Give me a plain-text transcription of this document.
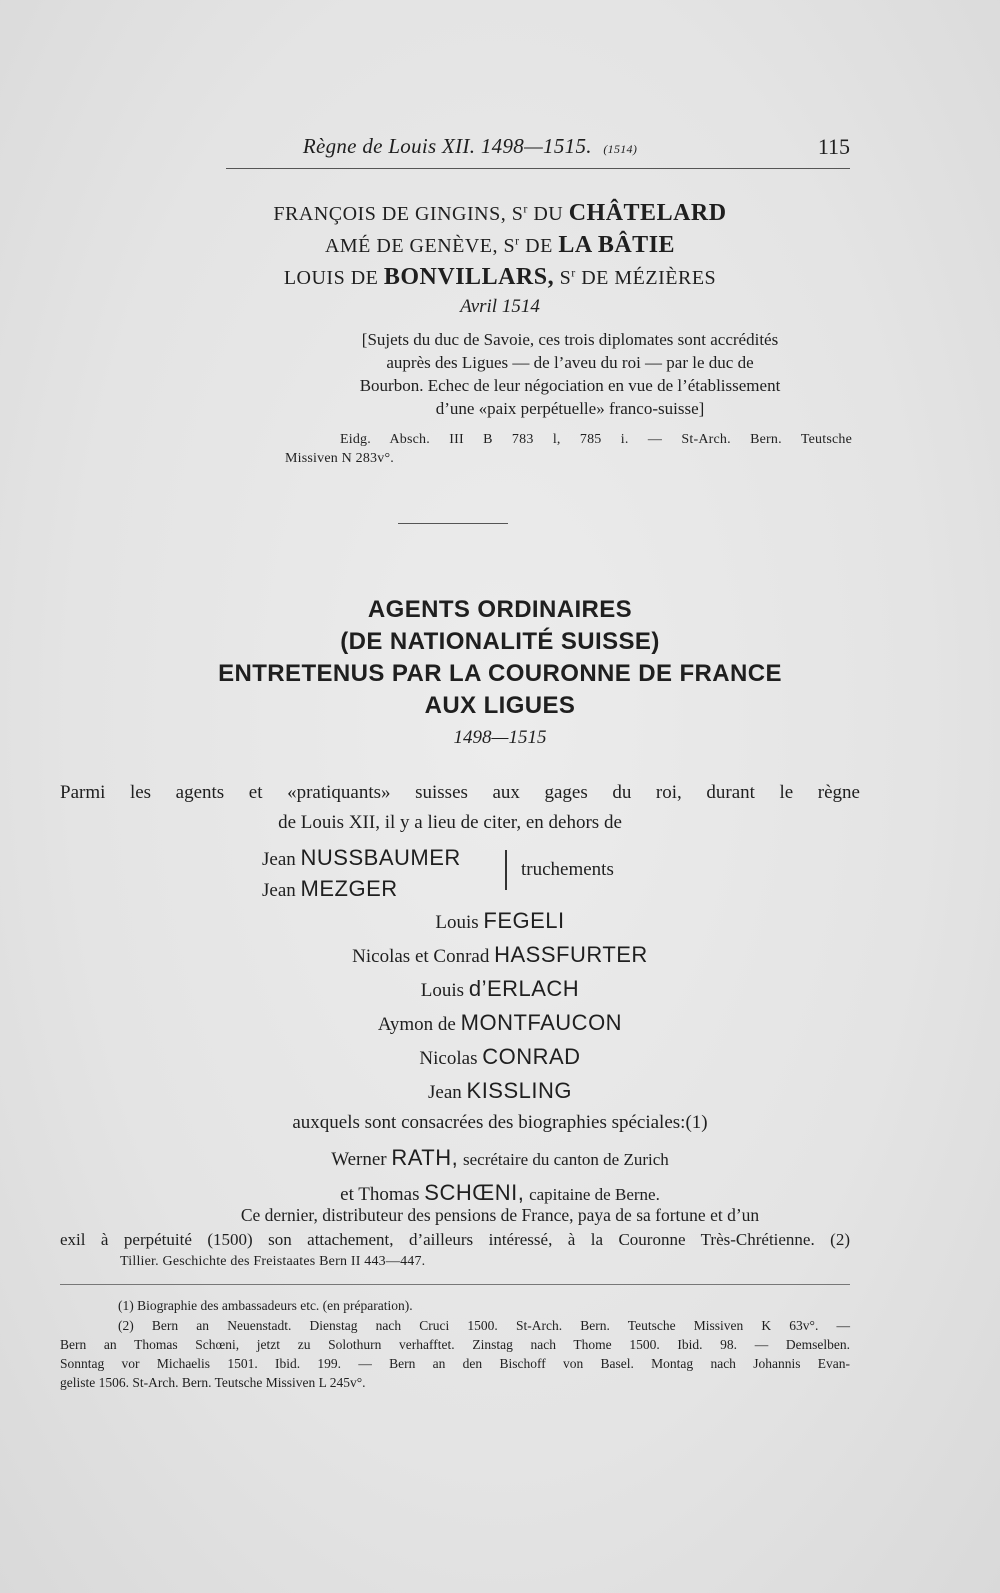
Règne de Louis XII. 1498—1515. (1514)	115
FRANÇOIS DE GINGINS, $S^r$ DU CHÂTELARD
AMÉ DE GENÈVE, $S^r$ DE LA BÂTIE
LOUIS DE BONVILLARS, $S^r$ DE MÉZIÈRES
Avril 1514
[Sujets du duc de Savoie, ces trois diplomates sont accrédités
auprès des Ligues — de l’aveu du roi — par le duc de
Bourbon. Echec de leur négociation en vue de l’établissement
d’une «paix perpétuelle» franco-suisse]
Eidg. Absch. III B 783 l, 785 i. — St-Arch. Bern. Teutsche
Missiven N 283v°.
AGENTS ORDINAIRES
(DE NATIONALITÉ SUISSE)
ENTRETENUS PAR LA COURONNE DE FRANCE
AUX LIGUES
1498—1515
Parmi les agents et «pratiquants» suisses aux gages du roi, durant le règne
de Louis XII, il y a lieu de citer, en dehors de
Jean NUSSBAUMER
Jean MEZGER
truchements
Louis FEGELI
Nicolas et Conrad HASSFURTER
Louis d’ERLACH
Aymon de MONTFAUCON
Nicolas CONRAD
Jean KISSLING
auxquels sont consacrées des biographies spéciales:(1)
Werner RATH, secrétaire du canton de Zurich
et Thomas SCHŒNI, capitaine de Berne.
Ce dernier, distributeur des pensions de France, paya de sa fortune et d’un
exil à perpétuité (1500) son attachement, d’ailleurs intéressé, à la Couronne Très-Chrétienne. (2)
Tillier. Geschichte des Freistaates Bern II 443—447.
(1) Biographie des ambassadeurs etc. (en préparation).
(2) Bern an Neuenstadt. Dienstag nach Cruci 1500. St-Arch. Bern. Teutsche Missiven K 63v°. —
Bern an Thomas Schœni, jetzt zu Solothurn verhafftet. Zinstag nach Thome 1500. Ibid. 98. — Demselben.
Sonntag vor Michaelis 1501. Ibid. 199. — Bern an den Bischoff von Basel. Montag nach Johannis Evan-
geliste 1506. St-Arch. Bern. Teutsche Missiven L 245v°.
